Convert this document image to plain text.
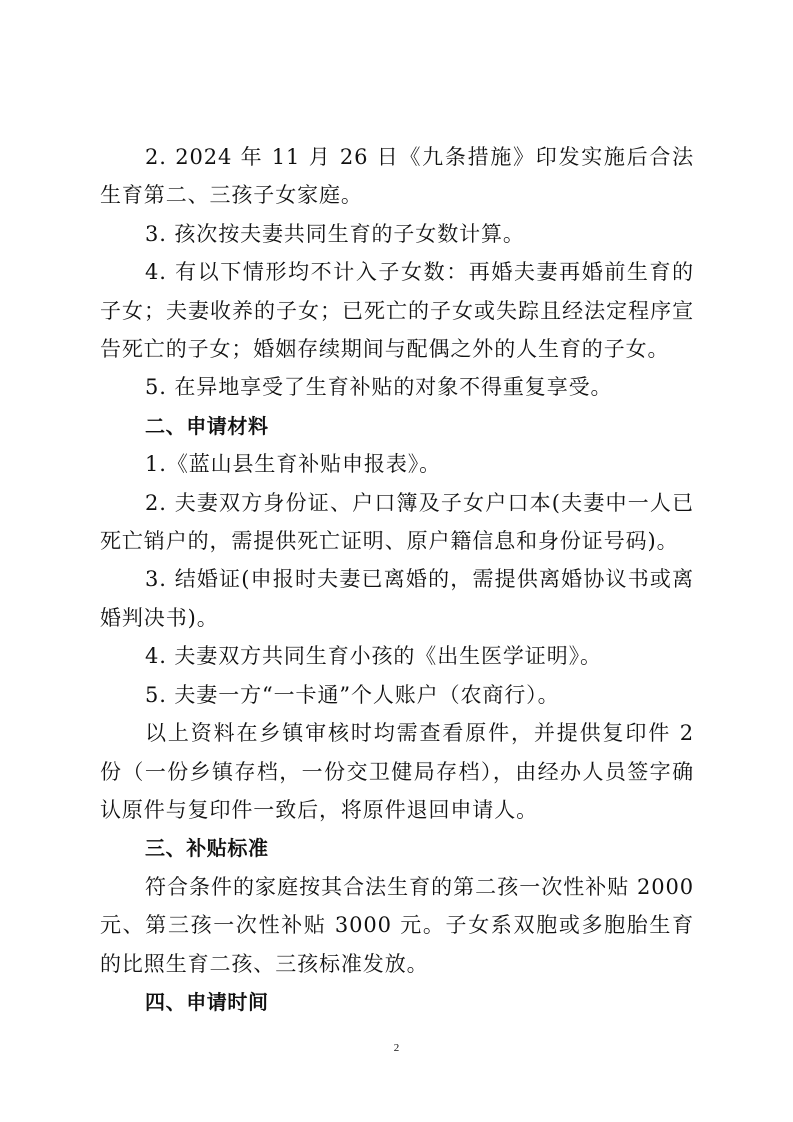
2. 2024 年 11 月 26 日《九条措施》印发实施后合法生育第二、三孩子女家庭。

3. 孩次按夫妻共同生育的子女数计算。

4. 有以下情形均不计入子女数：再婚夫妻再婚前生育的子女；夫妻收养的子女；已死亡的子女或失踪且经法定程序宣告死亡的子女；婚姻存续期间与配偶之外的人生育的子女。

5. 在异地享受了生育补贴的对象不得重复享受。

二、申请材料

1.《蓝山县生育补贴申报表》。

2. 夫妻双方身份证、户口簿及子女户口本(夫妻中一人已死亡销户的，需提供死亡证明、原户籍信息和身份证号码)。

3. 结婚证(申报时夫妻已离婚的，需提供离婚协议书或离婚判决书)。

4. 夫妻双方共同生育小孩的《出生医学证明》。

5. 夫妻一方“一卡通”个人账户（农商行）。

以上资料在乡镇审核时均需查看原件，并提供复印件 2 份（一份乡镇存档，一份交卫健局存档），由经办人员签字确认原件与复印件一致后，将原件退回申请人。

三、补贴标准

符合条件的家庭按其合法生育的第二孩一次性补贴 2000 元、第三孩一次性补贴 3000 元。子女系双胞或多胞胎生育的比照生育二孩、三孩标准发放。

四、申请时间

2
